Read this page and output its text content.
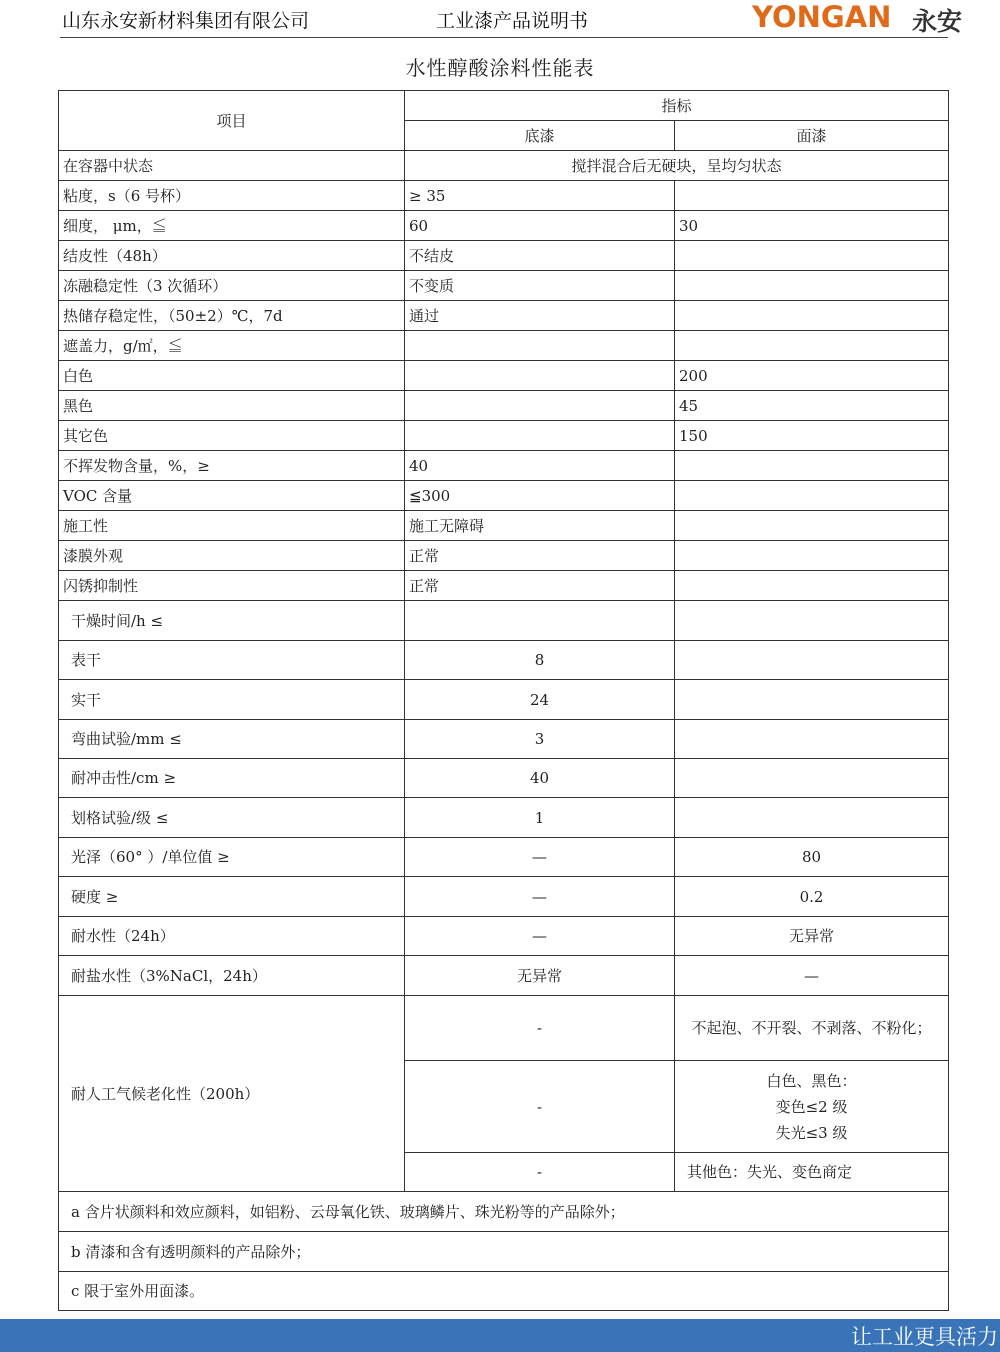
山东永安新材料集团有限公司	工业漆产品说明书	YONGAN 永安
水性醇酸涂料性能表
项目	指标	
	底漆	面漆
在容器中状态	搅拌混合后无硬块，呈均匀状态	
粘度，s（6 号杯）	≥ 35	
细度， μm，≦	60	30
结皮性（48h）	不结皮	
冻融稳定性（3 次循环）	不变质	
热储存稳定性，（50±2）℃，7d	通过	
遮盖力，g/㎡，≦		
白色		200
黑色		45
其它色		150
不挥发物含量，%，≥	40	
VOC 含量	≦300	
施工性	施工无障碍	
漆膜外观	正常	
闪锈抑制性	正常	
干燥时间/h ≤		
表干	8	
实干	24	
弯曲试验/mm ≤	3	
耐冲击性/cm ≥	40	
划格试验/级 ≤	1	
光泽（60° ）/单位值 ≥	—	80
硬度 ≥	—	0.2
耐水性（24h）	—	无异常
耐盐水性（3%NaCl，24h）	无异常	—
耐人工气候老化性（200h）	-	不起泡、不开裂、不剥落、不粉化；
	-	白色、黑色：
变色≤2 级
失光≤3 级

	-	其他色：失光、变色商定
a 含片状颜料和效应颜料，如铝粉、云母氧化铁、玻璃鳞片、珠光粉等的产品除外；		
b 清漆和含有透明颜料的产品除外；		
c 限于室外用面漆。		
让工业更具活力
